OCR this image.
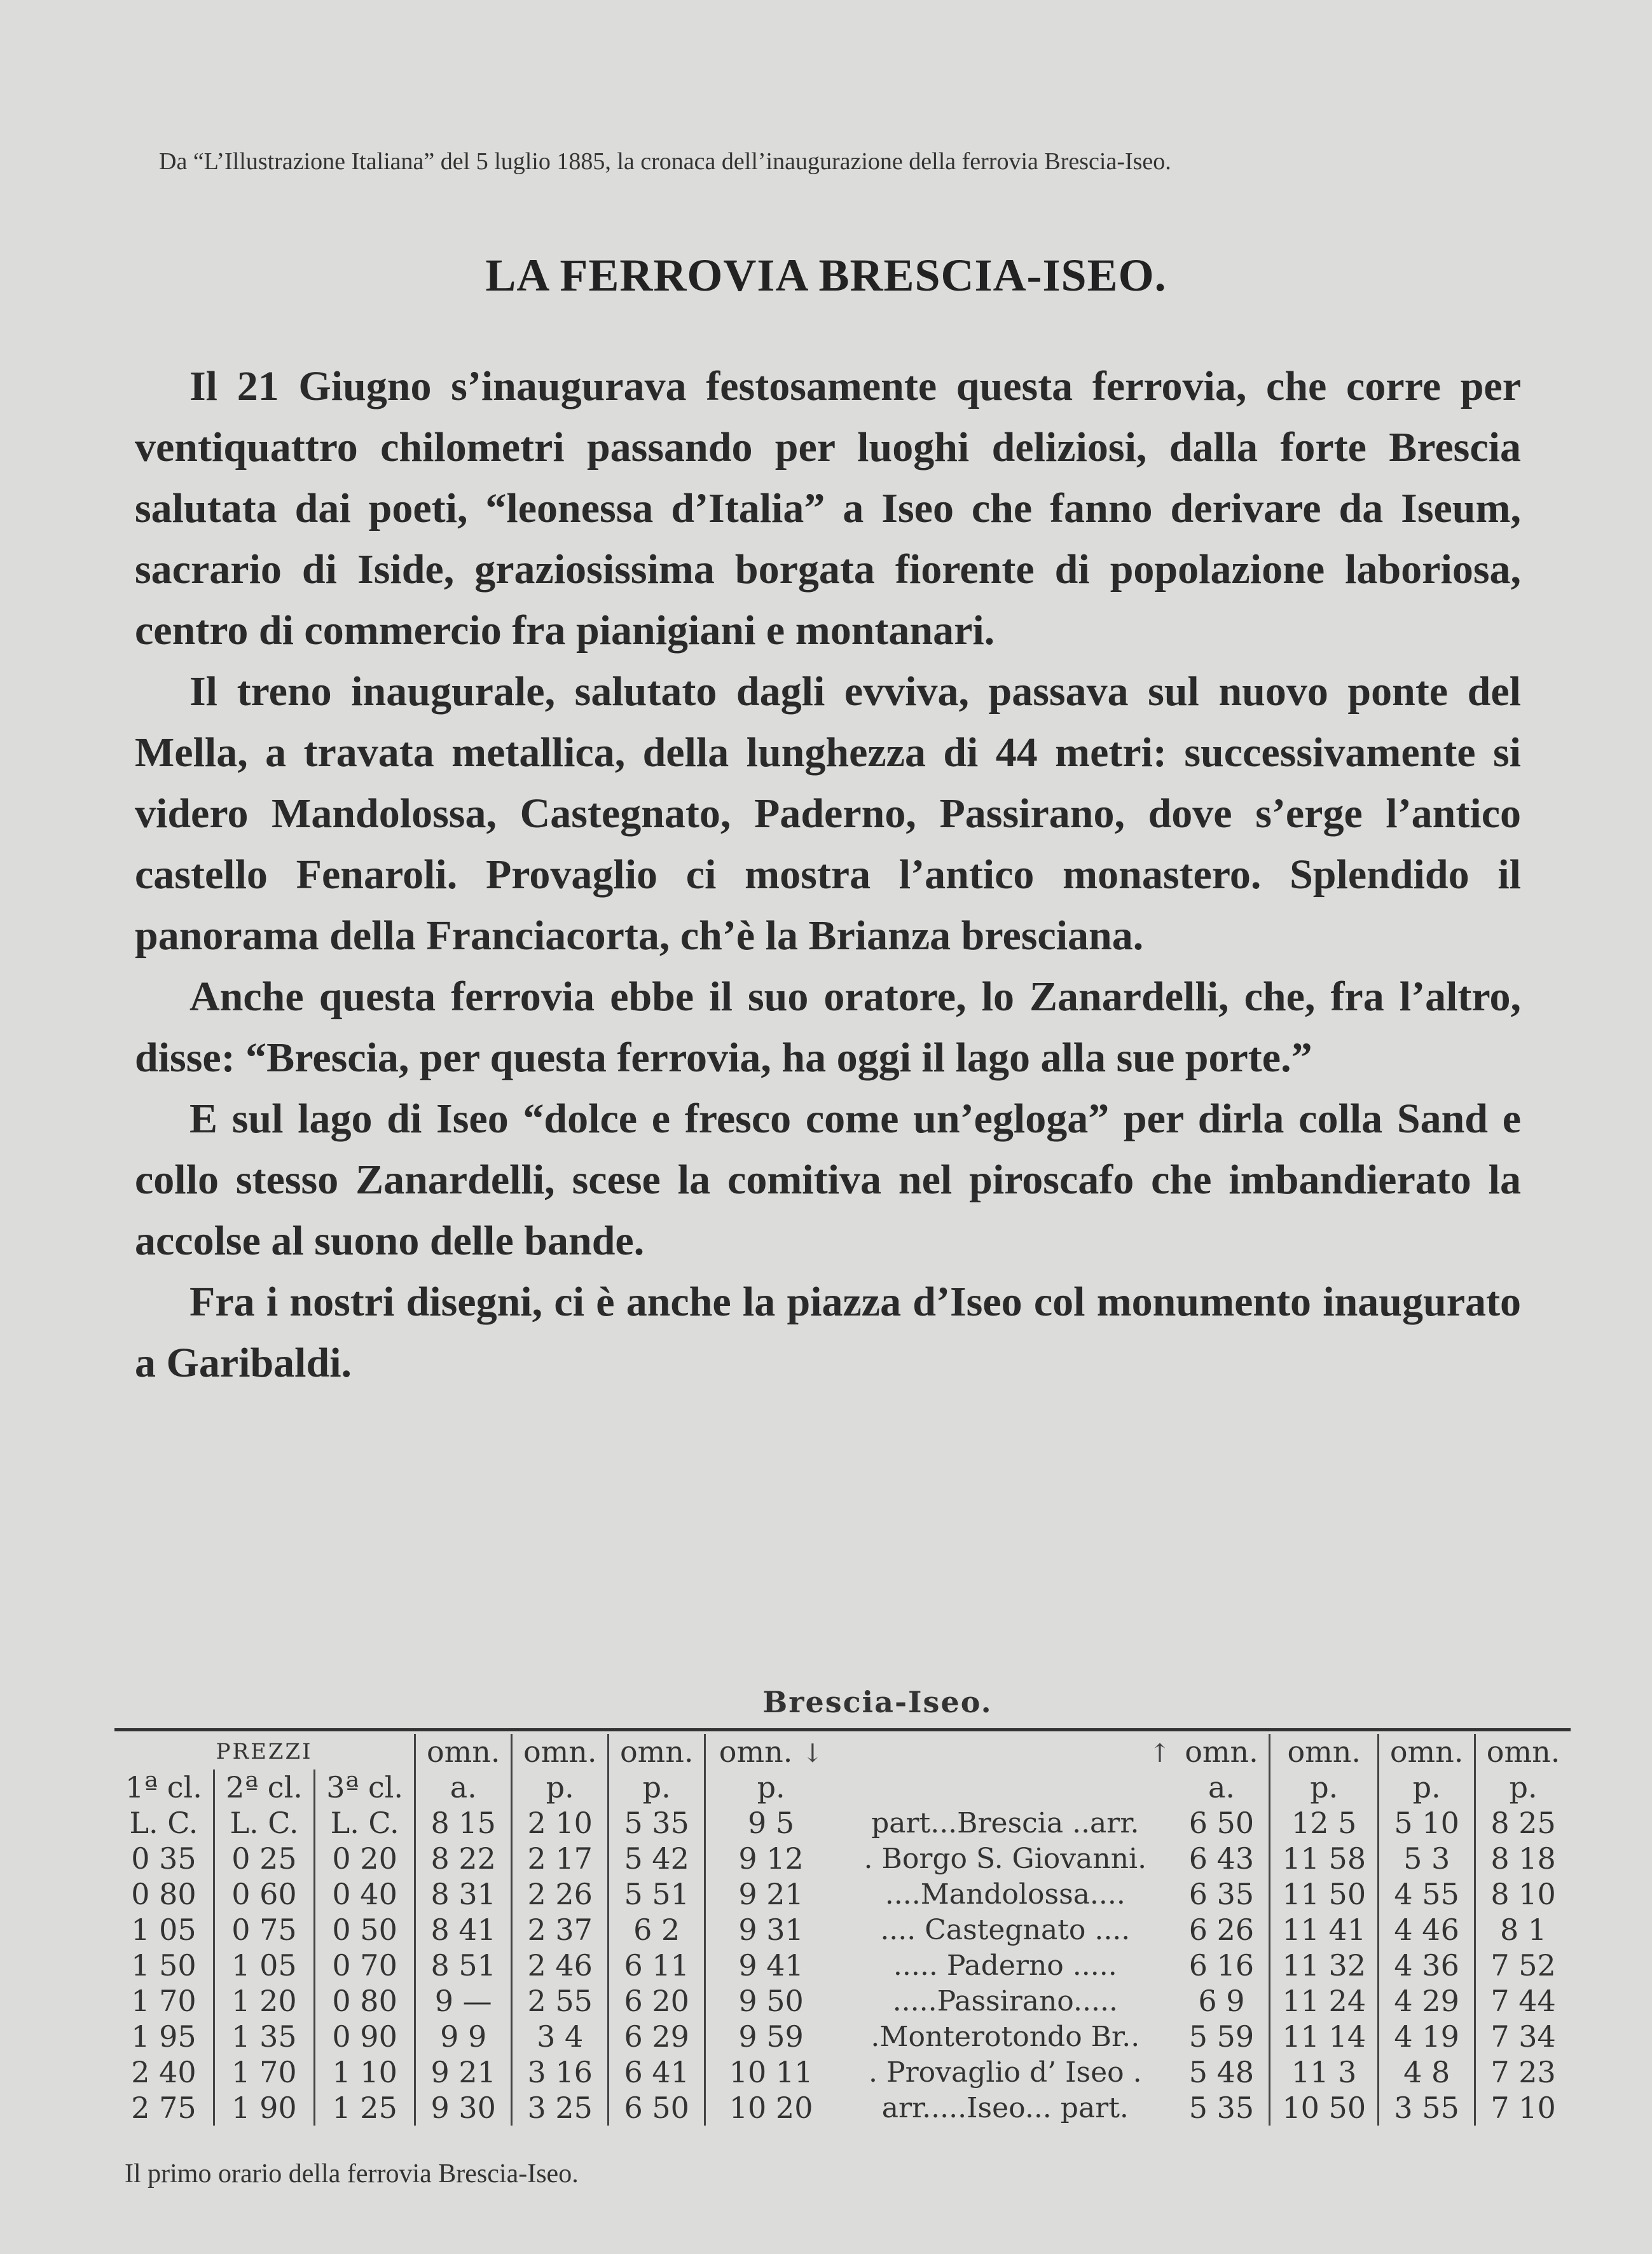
Da “L’Illustrazione Italiana” del 5 luglio 1885, la cronaca dell’inaugurazione della ferrovia Brescia-Iseo.
LA FERROVIA BRESCIA-ISEO.

Il 21 Giugno s’inaugurava festosamente questa ferrovia, che corre per ventiquattro chilometri passando per luoghi deliziosi, dalla forte Brescia salutata dai poeti, “leonessa d’Italia” a Iseo che fanno derivare da Iseum, sacrario di Iside, graziosissima borgata fiorente di popolazione laboriosa, centro di commercio fra pianigiani e montanari.

Il treno inaugurale, salutato dagli evviva, passava sul nuovo ponte del Mella, a travata metallica, della lunghezza di 44 metri: successivamente si videro Mandolossa, Castegnato, Paderno, Passirano, dove s’erge l’antico castello Fenaroli. Provaglio ci mostra l’antico monastero. Splendido il panorama della Franciacorta, ch’è la Brianza bresciana.

Anche questa ferrovia ebbe il suo oratore, lo Zanardelli, che, fra l’altro, disse: “Brescia, per questa ferrovia, ha oggi il lago alla sue porte.”

E sul lago di Iseo “dolce e fresco come un’egloga” per dirla colla Sand e collo stesso Zanardelli, scese la comitiva nel piroscafo che imbandierato la accolse al suono delle bande.

Fra i nostri disegni, ci è anche la piazza d’Iseo col monumento inaugurato a Garibaldi.

Brescia-Iseo.
PREZZI			omn.	omn.	omn.	omn. ↓	↑	omn.	omn.	omn.	omn.
1ª cl.	2ª cl.	3ª cl.	a.	p.	p.	p.		a.	p.	p.	p.
L. C.	L. C.	L. C.	8 15	2 10	5 35	9 5	part...Brescia ..arr.	6 50	12 5	5 10	8 25
0 35	0 25	0 20	8 22	2 17	5 42	9 12	. Borgo S. Giovanni.	6 43	11 58	5 3	8 18
0 80	0 60	0 40	8 31	2 26	5 51	9 21	....Mandolossa....	6 35	11 50	4 55	8 10
1 05	0 75	0 50	8 41	2 37	6 2	9 31	.... Castegnato ....	6 26	11 41	4 46	8 1
1 50	1 05	0 70	8 51	2 46	6 11	9 41	..... Paderno .....	6 16	11 32	4 36	7 52
1 70	1 20	0 80	9 —	2 55	6 20	9 50	.....Passirano.....	6 9	11 24	4 29	7 44
1 95	1 35	0 90	9 9	3 4	6 29	9 59	.Monterotondo Br..	5 59	11 14	4 19	7 34
2 40	1 70	1 10	9 21	3 16	6 41	10 11	. Provaglio d’ Iseo .	5 48	11 3	4 8	7 23
2 75	1 90	1 25	9 30	3 25	6 50	10 20	arr.....Iseo... part.	5 35	10 50	3 55	7 10
Il primo orario della ferrovia Brescia-Iseo.
